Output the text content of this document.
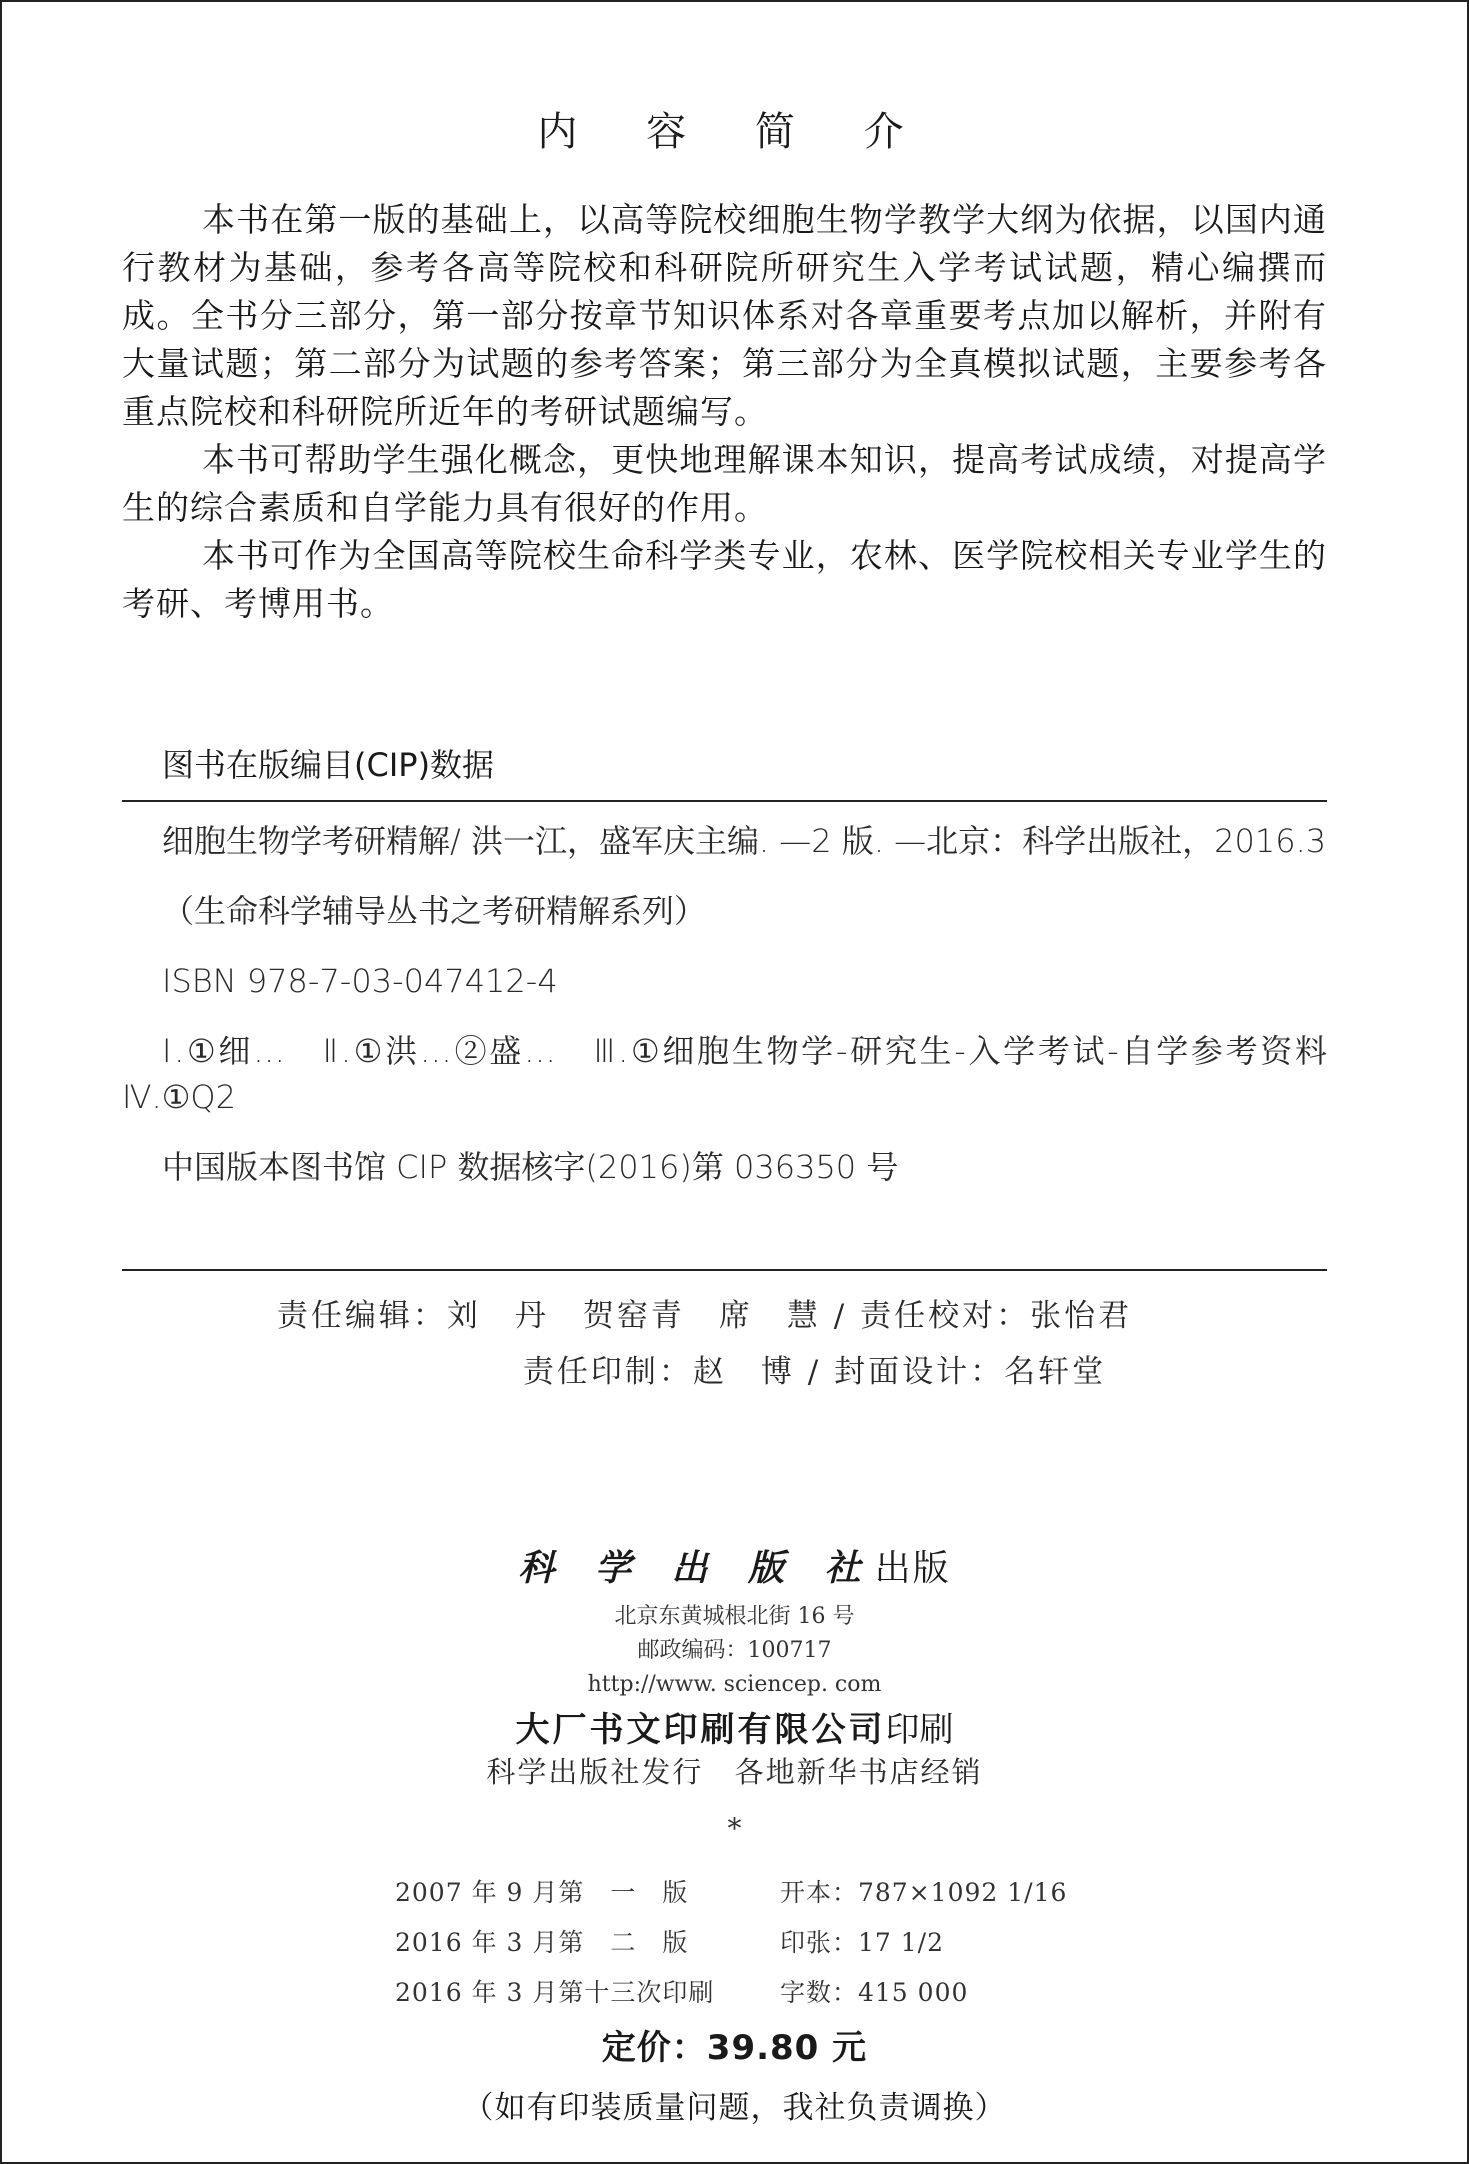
内 容 简 介

本书在第一版的基础上，以高等院校细胞生物学教学大纲为依据，以国内通行教材为基础，参考各高等院校和科研院所研究生入学考试试题，精心编撰而成。全书分三部分，第一部分按章节知识体系对各章重要考点加以解析，并附有大量试题；第二部分为试题的参考答案；第三部分为全真模拟试题，主要参考各重点院校和科研院所近年的考研试题编写。

本书可帮助学生强化概念，更快地理解课本知识，提高考试成绩，对提高学生的综合素质和自学能力具有很好的作用。

本书可作为全国高等院校生命科学类专业，农林、医学院校相关专业学生的考研、考博用书。

图书在版编目(CIP)数据

细胞生物学考研精解/ 洪一江，盛军庆主编. —2 版. —北京：科学出版社，2016.3

（生命科学辅导丛书之考研精解系列）

ISBN 978-7-03-047412-4

Ⅰ.①细…　Ⅱ.①洪…②盛…　Ⅲ.①细胞生物学-研究生-入学考试-自学参考资料　Ⅳ.①Q2

中国版本图书馆 CIP 数据核字(2016)第 036350 号

责任编辑：刘　丹　贺窑青　席　慧 / 责任校对：张怡君
责任印制：赵　博 / 封面设计：名轩堂
科 学 出 版 社出版
北京东黄城根北街 16 号
邮政编码：100717
http://www. sciencep. com
大厂书文印刷有限公司印刷
科学出版社发行 各地新华书店经销
*
2007 年 9 月第　一　版	开本：787×1092 1/16
2016 年 3 月第　二　版	印张：17 1/2
2016 年 3 月第十三次印刷	字数：415 000
定价：39.80 元
（如有印装质量问题，我社负责调换）
